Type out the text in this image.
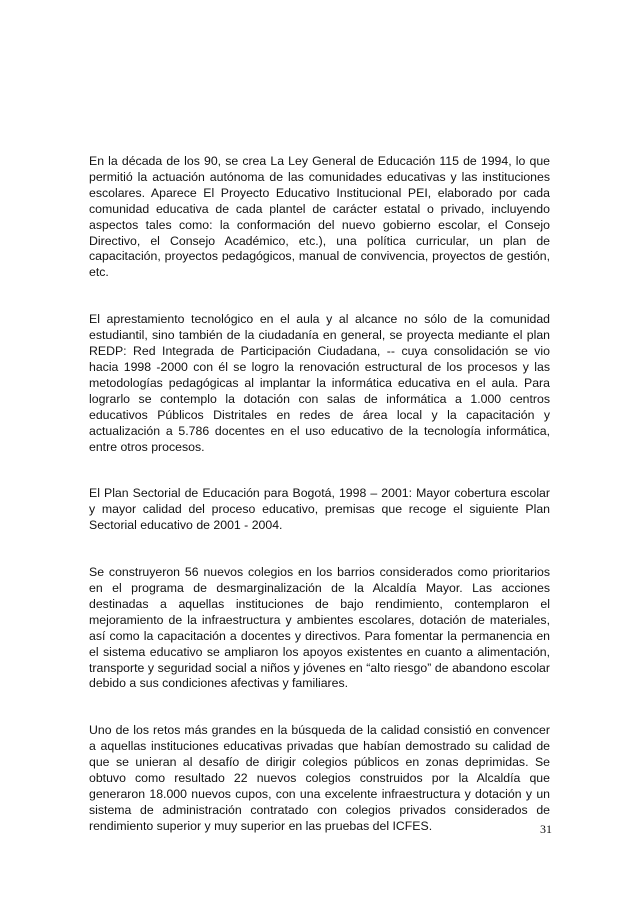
En la década de los 90, se crea La Ley General de Educación 115 de 1994, lo que permitió la actuación autónoma de las comunidades educativas y las instituciones escolares. Aparece El Proyecto Educativo Institucional PEI, elaborado por cada comunidad educativa de cada plantel de carácter estatal o privado, incluyendo aspectos tales como: la conformación del nuevo gobierno escolar, el Consejo Directivo, el Consejo Académico, etc.), una política curricular, un plan de capacitación, proyectos pedagógicos, manual de convivencia, proyectos de gestión, etc.

El aprestamiento tecnológico en el aula y al alcance no sólo de la comunidad estudiantil, sino también de la ciudadanía en general, se proyecta mediante el plan REDP: Red Integrada de Participación Ciudadana, -- cuya consolidación se vio hacia 1998 -2000 con él se logro la renovación estructural de los procesos y las metodologías pedagógicas al implantar la informática educativa en el aula. Para lograrlo se contemplo la dotación con salas de informática a 1.000 centros educativos Públicos Distritales en redes de área local y la capacitación y actualización a 5.786 docentes en el uso educativo de la tecnología informática, entre otros procesos.

El Plan Sectorial de Educación para Bogotá, 1998 – 2001: Mayor cobertura escolar y mayor calidad del proceso educativo, premisas que recoge el siguiente Plan Sectorial educativo de 2001 - 2004.

Se construyeron 56 nuevos colegios en los barrios considerados como prioritarios en el programa de desmarginalización de la Alcaldía Mayor. Las acciones destinadas a aquellas instituciones de bajo rendimiento, contemplaron el mejoramiento de la infraestructura y ambientes escolares, dotación de materiales, así como la capacitación a docentes y directivos. Para fomentar la permanencia en el sistema educativo se ampliaron los apoyos existentes en cuanto a alimentación, transporte y seguridad social a niños y jóvenes en “alto riesgo” de abandono escolar debido a sus condiciones afectivas y familiares.

Uno de los retos más grandes en la búsqueda de la calidad consistió en convencer a aquellas instituciones educativas privadas que habían demostrado su calidad de que se unieran al desafío de dirigir colegios públicos en zonas deprimidas. Se obtuvo como resultado 22 nuevos colegios construidos por la Alcaldía que generaron 18.000 nuevos cupos, con una excelente infraestructura y dotación y un sistema de administración contratado con colegios privados considerados de rendimiento superior y muy superior en las pruebas del ICFES.	31
